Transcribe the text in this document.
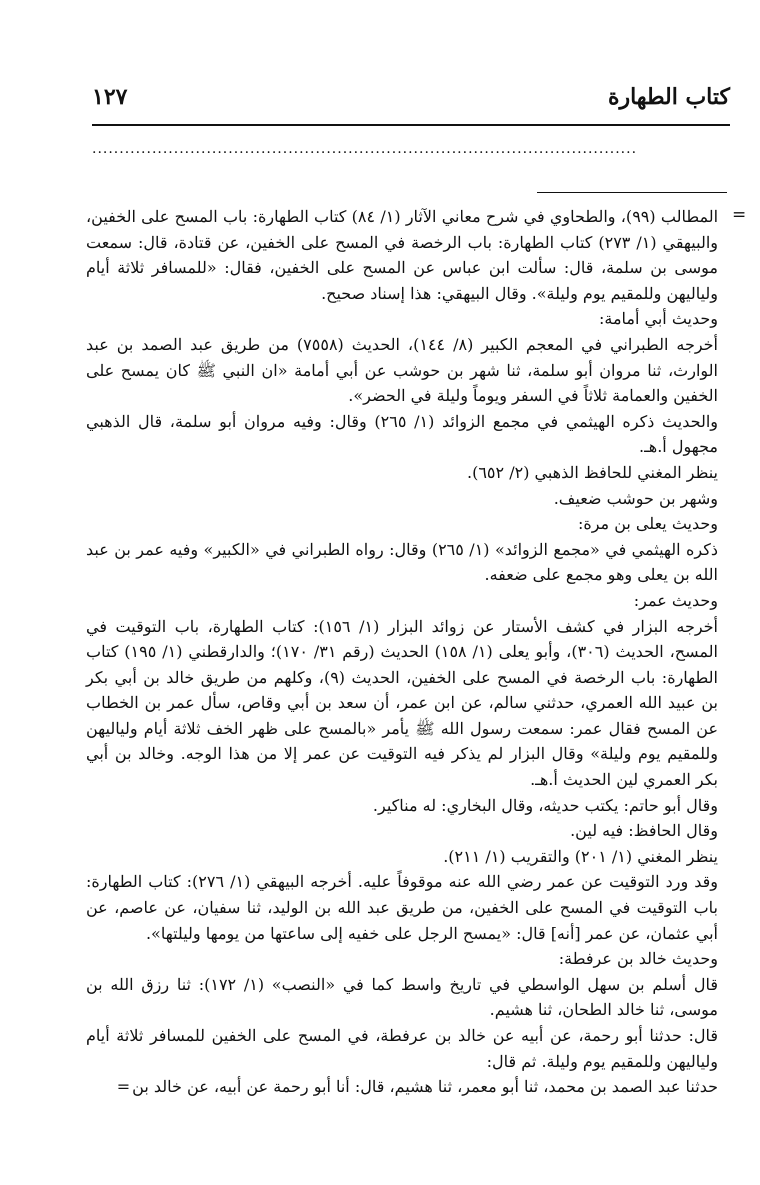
١٢٧	كتاب الطهارة
....................................................................................................
=

المطالب (٩٩)، والطحاوي في شرح معاني الآثار (١/ ٨٤) كتاب الطهارة: باب المسح على الخفين، والبيهقي (١/ ٢٧٣) كتاب الطهارة: باب الرخصة في المسح على الخفين، عن قتادة، قال: سمعت موسى بن سلمة، قال: سألت ابن عباس عن المسح على الخفين، فقال: «للمسافر ثلاثة أيام ولياليهن وللمقيم يوم وليلة». وقال البيهقي: هذا إسناد صحيح.

وحديث أبي أمامة:

أخرجه الطبراني في المعجم الكبير (٨/ ١٤٤)، الحديث (٧٥٥٨) من طريق عبد الصمد بن عبد الوارث، ثنا مروان أبو سلمة، ثنا شهر بن حوشب عن أبي أمامة «ان النبي ﷺ كان يمسح على الخفين والعمامة ثلاثاً في السفر ويوماً وليلة في الحضر».

والحديث ذكره الهيثمي في مجمع الزوائد (١/ ٢٦٥) وقال: وفيه مروان أبو سلمة، قال الذهبي مجهول أ.هـ.

ينظر المغني للحافظ الذهبي (٢/ ٦٥٢).

وشهر بن حوشب ضعيف.

وحديث يعلى بن مرة:

ذكره الهيثمي في «مجمع الزوائد» (١/ ٢٦٥) وقال: رواه الطبراني في «الكبير» وفيه عمر بن عبد الله بن يعلى وهو مجمع على ضعفه.

وحديث عمر:

أخرجه البزار في كشف الأستار عن زوائد البزار (١/ ١٥٦): كتاب الطهارة، باب التوقيت في المسح، الحديث (٣٠٦)، وأبو يعلى (١/ ١٥٨) الحديث (رقم ٣١/ ١٧٠)؛ والدارقطني (١/ ١٩٥) كتاب الطهارة: باب الرخصة في المسح على الخفين، الحديث (٩)، وكلهم من طريق خالد بن أبي بكر بن عبيد الله العمري، حدثني سالم، عن ابن عمر، أن سعد بن أبي وقاص، سأل عمر بن الخطاب عن المسح فقال عمر: سمعت رسول الله ﷺ يأمر «بالمسح على ظهر الخف ثلاثة أيام ولياليهن وللمقيم يوم وليلة» وقال البزار لم يذكر فيه التوقيت عن عمر إلا من هذا الوجه. وخالد بن أبي بكر العمري لين الحديث أ.هـ.

وقال أبو حاتم: يكتب حديثه، وقال البخاري: له مناكير.

وقال الحافظ: فيه لين.

ينظر المغني (١/ ٢٠١) والتقريب (١/ ٢١١).

وقد ورد التوقيت عن عمر رضي الله عنه موقوفاً عليه. أخرجه البيهقي (١/ ٢٧٦): كتاب الطهارة: باب التوقيت في المسح على الخفين، من طريق عبد الله بن الوليد، ثنا سفيان، عن عاصم، عن أبي عثمان، عن عمر [أنه] قال: «يمسح الرجل على خفيه إلى ساعتها من يومها وليلتها».

وحديث خالد بن عرفطة:

قال أسلم بن سهل الواسطي في تاريخ واسط كما في «النصب» (١/ ١٧٢): ثنا رزق الله بن موسى، ثنا خالد الطحان، ثنا هشيم.

قال: حدثنا أبو رحمة، عن أبيه عن خالد بن عرفطة، في المسح على الخفين للمسافر ثلاثة أيام ولياليهن وللمقيم يوم وليلة. ثم قال:

حدثنا عبد الصمد بن محمد، ثنا أبو معمر، ثنا هشيم، قال: أنا أبو رحمة عن أبيه، عن خالد بن=
